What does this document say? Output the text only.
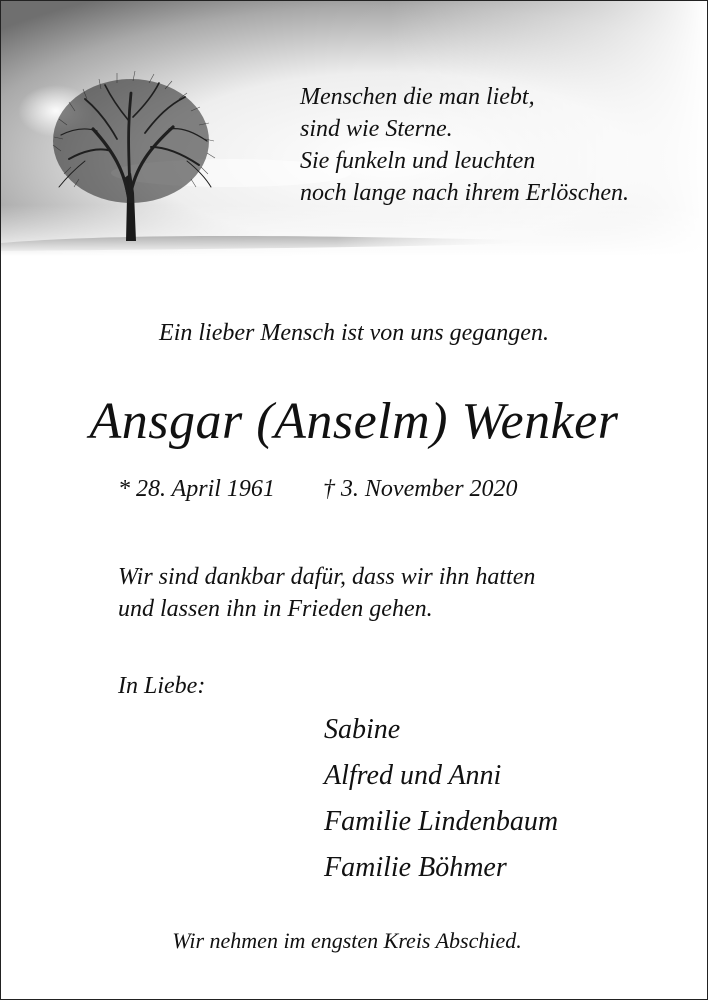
Menschen die man liebt,
sind wie Sterne.
Sie funkeln und leuchten
noch lange nach ihrem Erlöschen.
Ein lieber Mensch ist von uns gegangen.
Ansgar (Anselm) Wenker
* 28. April 1961 † 3. November 2020
Wir sind dankbar dafür, dass wir ihn hatten
und lassen ihn in Frieden gehen.
In Liebe:
Sabine
Alfred und Anni
Familie Lindenbaum
Familie Böhmer
Wir nehmen im engsten Kreis Abschied.
